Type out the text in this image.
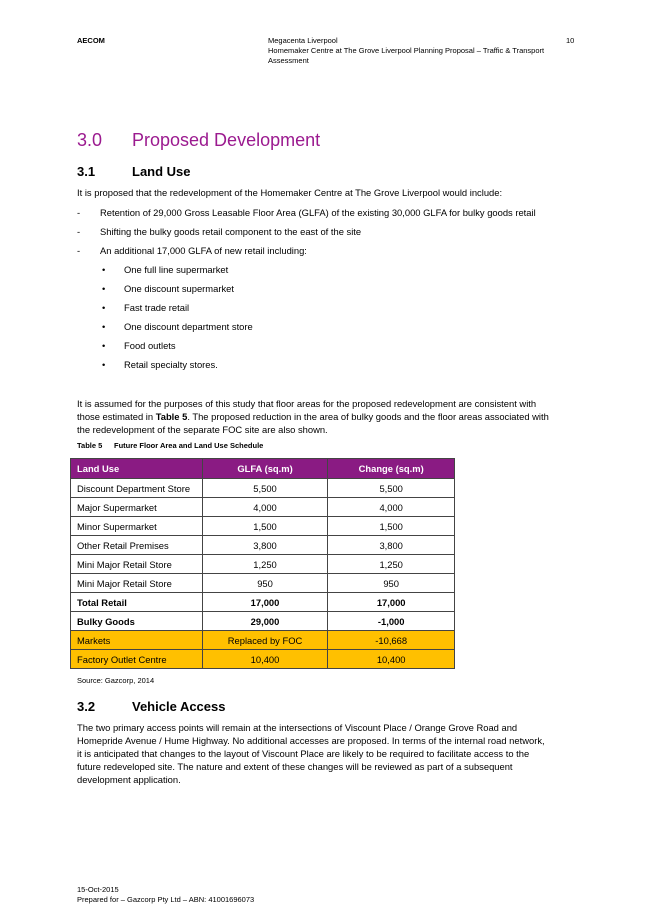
AECOM	Megacenta Liverpool
Homemaker Centre at The Grove Liverpool Planning Proposal – Traffic & Transport
Assessment
10
3.0 Proposed Development
3.1	Land Use
It is proposed that the redevelopment of the Homemaker Centre at The Grove Liverpool would include:
- Retention of 29,000 Gross Leasable Floor Area (GLFA) of the existing 30,000 GLFA for bulky goods retail
- Shifting the bulky goods retail component to the east of the site
- An additional 17,000 GLFA of new retail including:
• One full line supermarket
• One discount supermarket
• Fast trade retail
• One discount department store
• Food outlets
• Retail specialty stores.
It is assumed for the purposes of this study that floor areas for the proposed redevelopment are consistent with
those estimated in Table 5. The proposed reduction in the area of bulky goods and the floor areas associated with
the redevelopment of the separate FOC site are also shown.
Table 5 Future Floor Area and Land Use Schedule
Land Use	GLFA (sq.m)	Change (sq.m)
Discount Department Store	5,500	5,500
Major Supermarket	4,000	4,000
Minor Supermarket	1,500	1,500
Other Retail Premises	3,800	3,800
Mini Major Retail Store	1,250	1,250
Mini Major Retail Store	950	950
Total Retail	17,000	17,000
Bulky Goods	29,000	-1,000
Markets	Replaced by FOC	-10,668
Factory Outlet Centre	10,400	10,400
Source: Gazcorp, 2014
3.2	Vehicle Access
The two primary access points will remain at the intersections of Viscount Place / Orange Grove Road and
Homepride Avenue / Hume Highway. No additional accesses are proposed. In terms of the internal road network,
it is anticipated that changes to the layout of Viscount Place are likely to be required to facilitate access to the
future redeveloped site. The nature and extent of these changes will be reviewed as part of a subsequent
development application.
15-Oct-2015
Prepared for – Gazcorp Pty Ltd – ABN: 41001696073
